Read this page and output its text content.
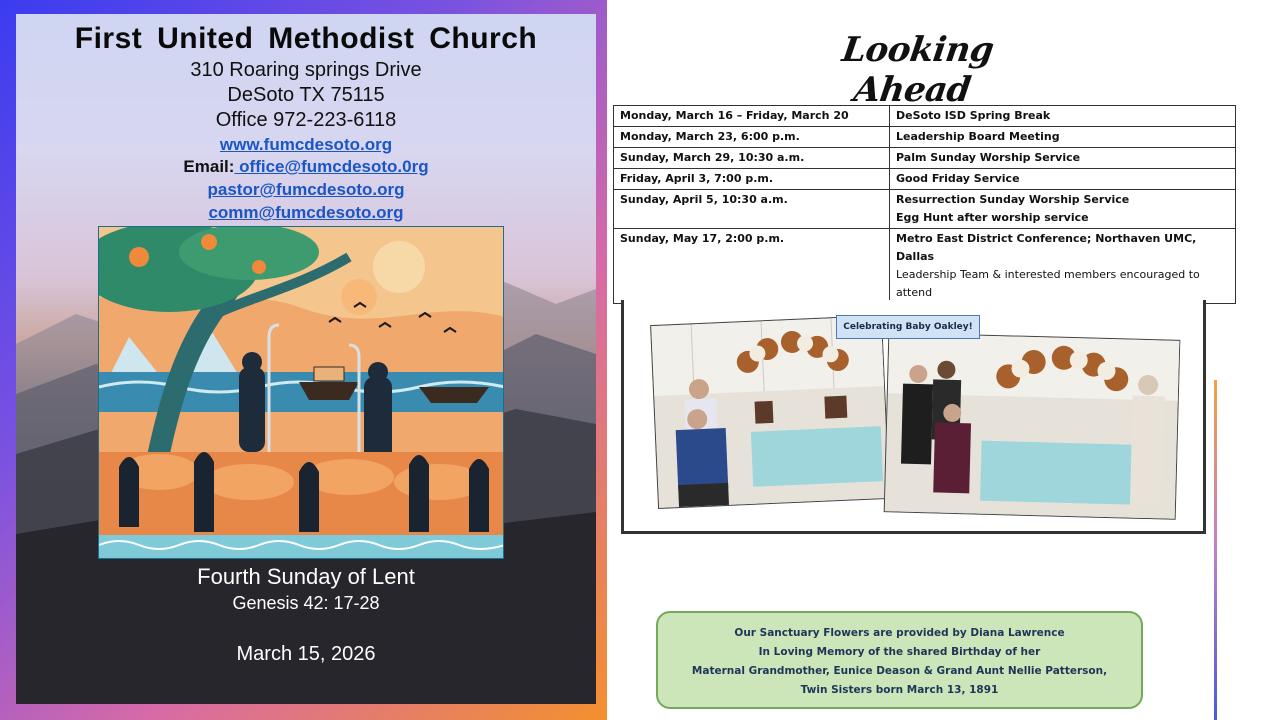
First United Methodist Church
310 Roaring springs Drive
DeSoto TX 75115
Office 972-223-6118
www.fumcdesoto.org
Email: office@fumcdesoto.0rg
pastor@fumcdesoto.org
comm@fumcdesoto.org
Fourth Sunday of Lent
Genesis 42: 17-28
March 15, 2026
Looking Ahead
Monday, March 16 – Friday, March 20	DeSoto ISD Spring Break

Monday, March 23, 6:00 p.m.	Leadership Board Meeting

Sunday, March 29, 10:30 a.m.	Palm Sunday Worship Service

Friday, April 3, 7:00 p.m.	Good Friday Service

Sunday, April 5, 10:30 a.m.	Resurrection Sunday Worship Service
Egg Hunt after worship service

Sunday, May 17, 2:00 p.m.	Metro East District Conference; Northaven UMC, Dallas
Leadership Team & interested members encouraged to attend
Celebrating Baby Oakley!
Our Sanctuary Flowers are provided by Diana Lawrence
In Loving Memory of the shared Birthday of her
Maternal Grandmother, Eunice Deason & Grand Aunt Nellie Patterson,
Twin Sisters born March 13, 1891
